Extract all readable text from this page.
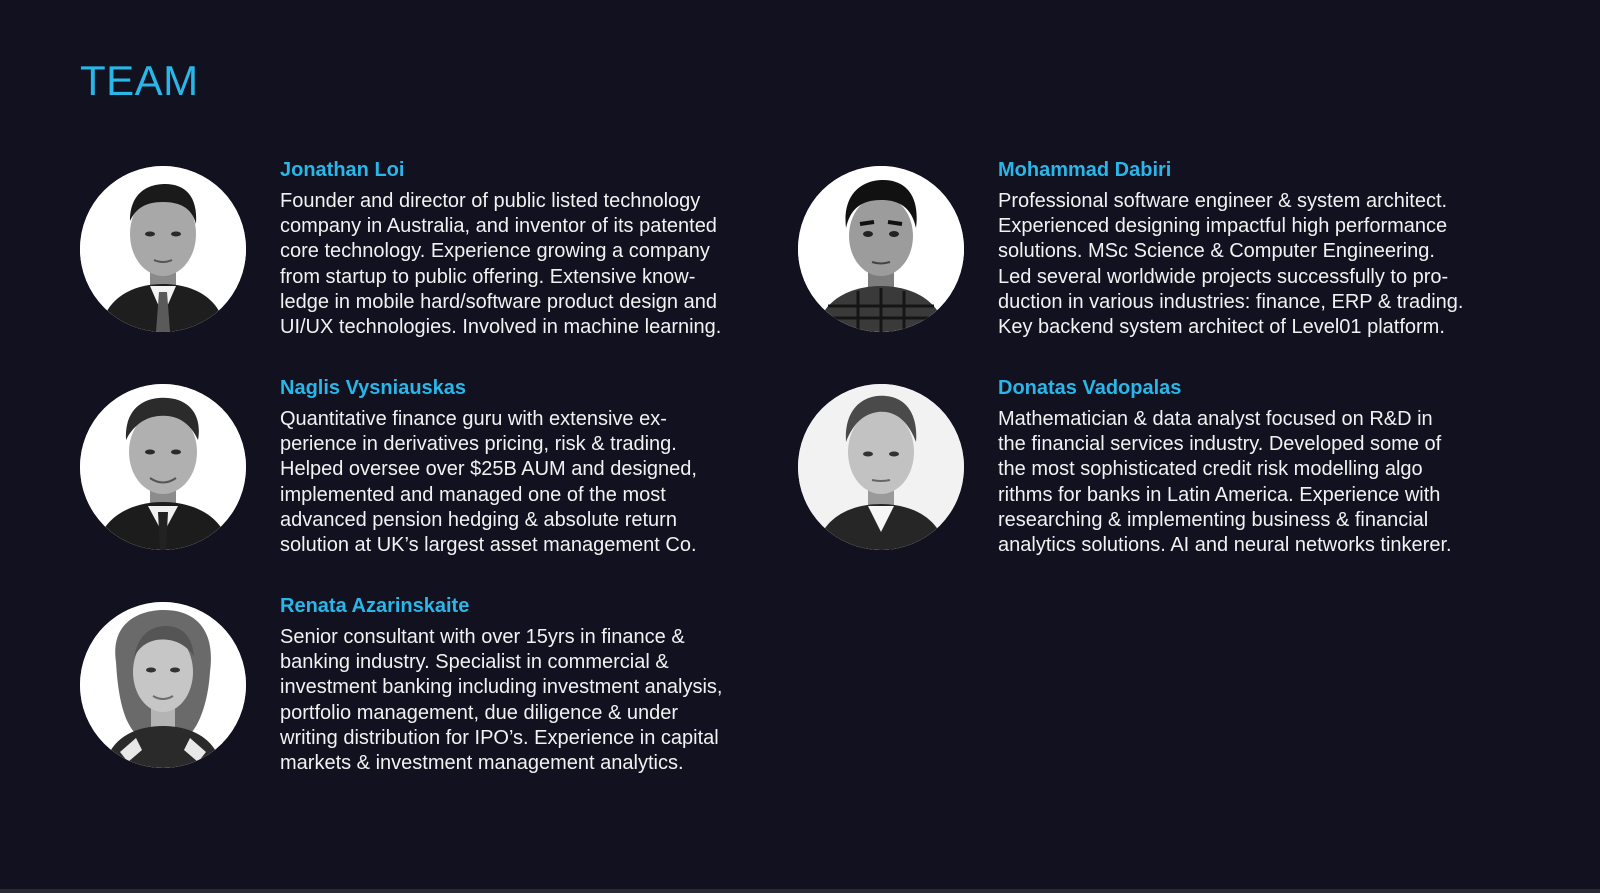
TEAM

Jonathan Loi

Founder and director of public listed technology
company in Australia, and inventor of its patented
core technology. Experience growing a company
from startup to public offering. Extensive know-
ledge in mobile hard/software product design and
UI/UX technologies. Involved in machine learning.

Mohammad Dabiri

Professional software engineer & system architect.
Experienced designing impactful high performance
solutions. MSc Science & Computer Engineering.
Led several worldwide projects successfully to pro-
duction in various industries: finance, ERP & trading.
Key backend system architect of Level01 platform.

Naglis Vysniauskas

Quantitative finance guru with extensive ex-
perience in derivatives pricing, risk & trading.
Helped oversee over $25B AUM and designed,
implemented and managed one of the most
advanced pension hedging & absolute return
solution at UK’s largest asset management Co.

Donatas Vadopalas

Mathematician & data analyst focused on R&D in
the financial services industry. Developed some of
the most sophisticated credit risk modelling algo
rithms for banks in Latin America. Experience with
researching & implementing business & financial
analytics solutions. AI and neural networks tinkerer.

Renata Azarinskaite

Senior consultant with over 15yrs in finance &
banking industry. Specialist in commercial &
investment banking including investment analysis,
portfolio management, due diligence & under
writing distribution for IPO’s. Experience in capital
markets & investment management analytics.
